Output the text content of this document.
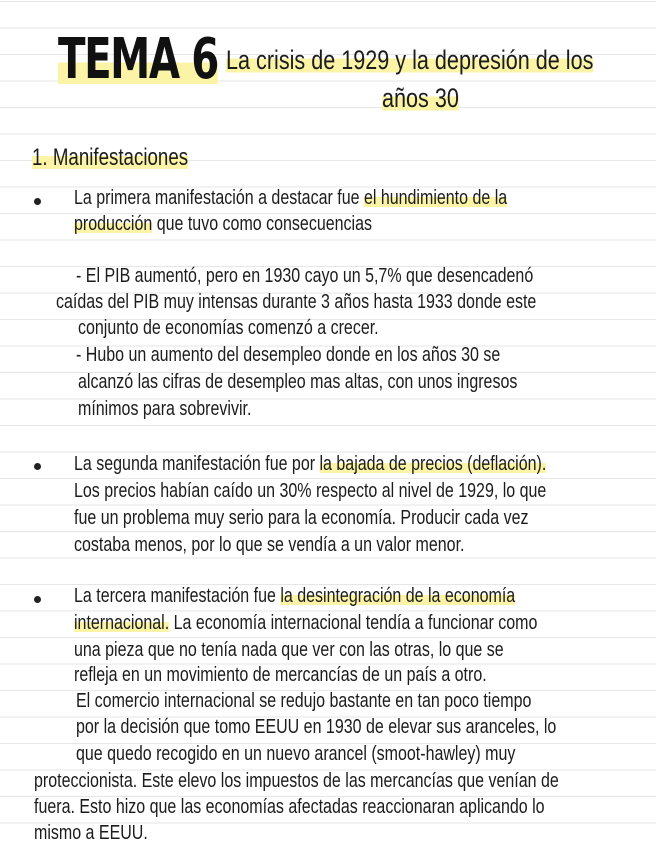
TEMA 6 La crisis de 1929 y la depresión de los
años 30
1. Manifestaciones
La primera manifestación a destacar fue el hundimiento de la
producción que tuvo como consecuencias
- El PIB aumentó, pero en 1930 cayo un 5,7% que desencadenó
caídas del PIB muy intensas durante 3 años hasta 1933 donde este
conjunto de economías comenzó a crecer.
- Hubo un aumento del desempleo donde en los años 30 se
alcanzó las cifras de desempleo mas altas, con unos ingresos
mínimos para sobrevivir.
La segunda manifestación fue por la bajada de precios (deflación).
Los precios habían caído un 30% respecto al nivel de 1929, lo que
fue un problema muy serio para la economía. Producir cada vez
costaba menos, por lo que se vendía a un valor menor.
La tercera manifestación fue la desintegración de la economía
internacional. La economía internacional tendía a funcionar como
una pieza que no tenía nada que ver con las otras, lo que se
refleja en un movimiento de mercancías de un país a otro.
El comercio internacional se redujo bastante en tan poco tiempo
por la decisión que tomo EEUU en 1930 de elevar sus aranceles, lo
que quedo recogido en un nuevo arancel (smoot-hawley) muy
proteccionista. Este elevo los impuestos de las mercancías que venían de
fuera. Esto hizo que las economías afectadas reaccionaran aplicando lo
mismo a EEUU.
